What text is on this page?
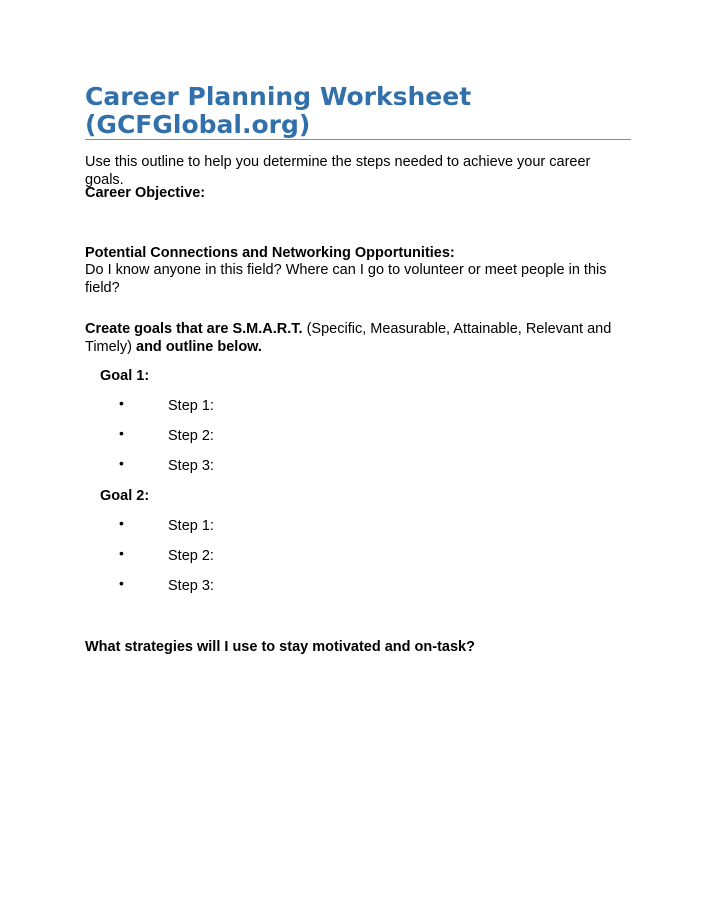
Career Planning Worksheet (GCFGlobal.org)

Use this outline to help you determine the steps needed to achieve your career goals.

Career Objective:

Potential Connections and Networking Opportunities:

Do I know anyone in this field? Where can I go to volunteer or meet people in this field?

Create goals that are S.M.A.R.T. (Specific, Measurable, Attainable, Relevant and Timely) and outline below.

Goal 1:

•	Step 1:
•	Step 2:
•	Step 3:

Goal 2:

•	Step 1:
•	Step 2:
•	Step 3:

What strategies will I use to stay motivated and on-task?
